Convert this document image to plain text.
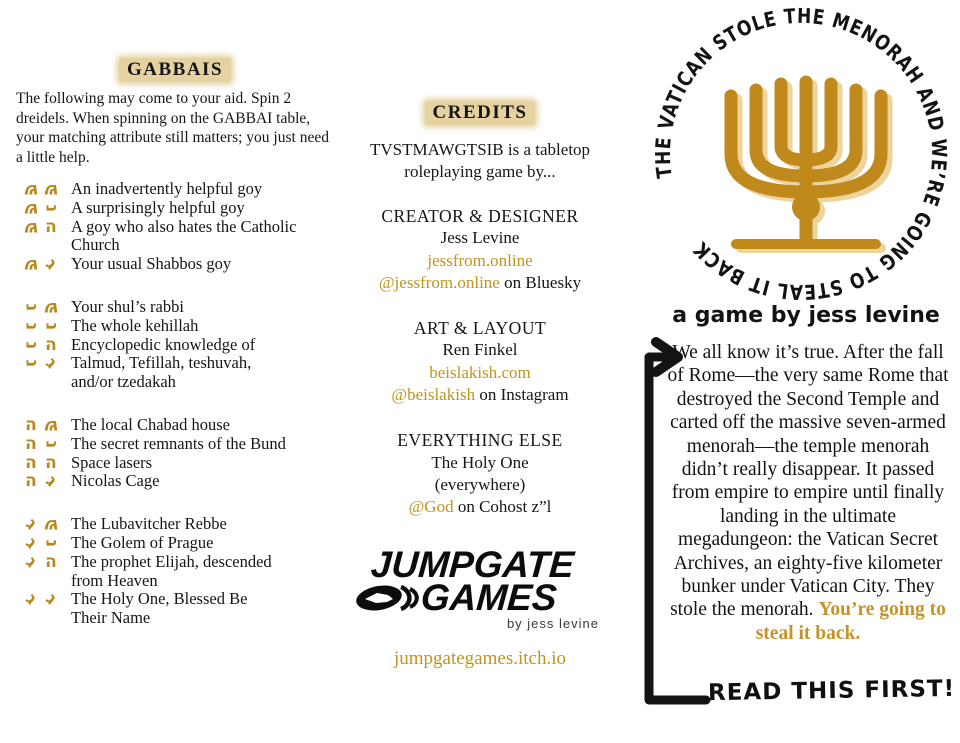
GABBAIS
The following may come to your aid. Spin 2 dreidels. When spinning on the GABBAI table, your matching attribute still matters; you just need a little help.
ש ש An inadvertently helpful goy
ש נ A surprisingly helpful goy
ש ה A goy who also hates the Catholic
Church
ש ג Your usual Shabbos goy
נ ש Your shul’s rabbi
ננ The whole kehillah
נ ה Encyclopedic knowledge of
נג Talmud, Tefillah, teshuvah,
and/or tzedakah
ה ש The local Chabad house
ה נ The secret remnants of the Bund
ה ה Space lasers
ה ג Nicolas Cage
ג ש The Lubavitcher Rebbe
גנ The Golem of Prague
ג ה The prophet Elijah, descended
from Heaven
גג The Holy One, Blessed Be
Their Name
CREDITS
TVSTMAWGTSIB is a tabletop roleplaying game by...
CREATOR & DESIGNER
Jess Levine
jessfrom.online
@jessfrom.online on Bluesky
ART & LAYOUT
Ren Finkel
beislakish.com
@beislakish on Instagram
EVERYTHING ELSE
The Holy One
(everywhere)
@God on Cohost z”l
JUMPGATE
GAMES
by jess levine
jumpgategames.itch.io
THE VATICAN STOLE THE MENORAH AND WE’RE GOING TO STEAL IT BACK
a game by jess levine
We all know it’s true. After the fall of Rome—the very same Rome that destroyed the Second Temple and carted off the massive seven-armed menorah—the temple menorah didn’t really disappear. It passed from empire to empire until finally landing in the ultimate megadungeon: the Vatican Secret Archives, an eighty-five kilometer bunker under Vatican City. They stole the menorah. You’re going to steal it back.
READ THIS FIRST!
